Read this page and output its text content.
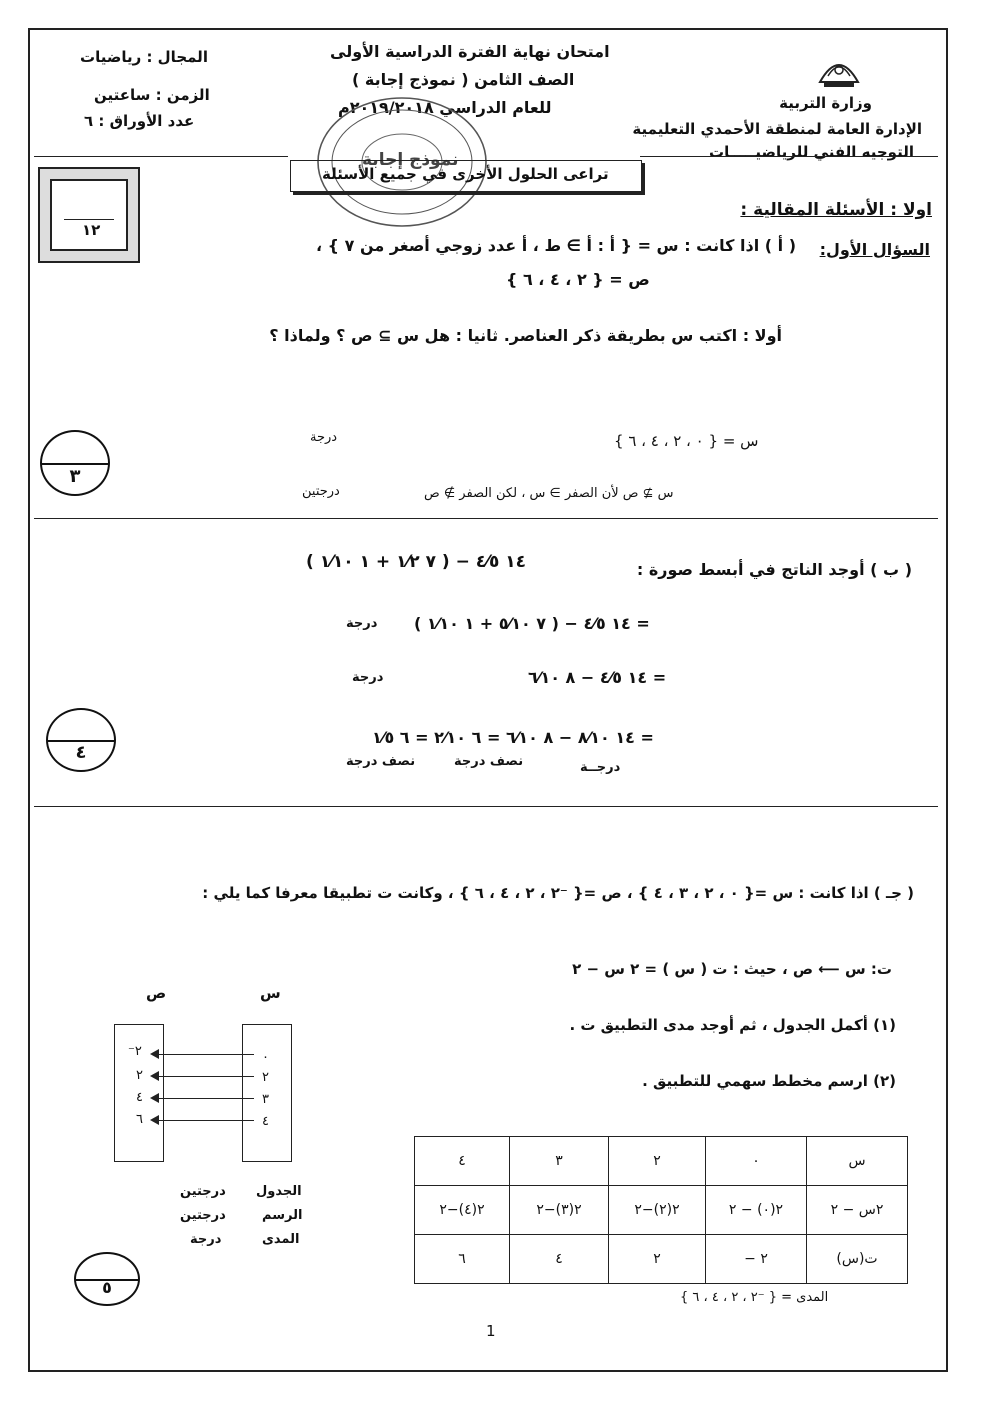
وزارة التربية
الإدارة العامة لمنطقة الأحمدي التعليمية
التوجيه الفني للرياضيـــــات
امتحان نهاية الفترة الدراسية الأولى
الصف الثامن ( نموذج إجابة )
للعام الدراسي ٢٠١٩/٢٠١٨م
نموذج إجابة
المجال : رياضيات
الزمن : ساعتين
عدد الأوراق : ٦
تراعى الحلول الأخرى في جميع الأسئلة
١٢
اولا : الأسئلة المقالية :
السؤال الأول:
( أ ) اذا كانت : س = { أ : أ ∋ ط ، أ عدد زوجي أصغر من ٧ } ،
ص = { ٢ ، ٤ ، ٦ }
أولا : اكتب س بطريقة ذكر العناصر. ثانيا : هل س ⊇ ص ؟ ولماذا ؟
س = { ٠ ، ٢ ، ٤ ، ٦ }
درجة
س ⊉ ص لأن الصفر ∋ س ، لكن الصفر ∌ ص
درجتين
٣
( ب ) أوجد الناتج في أبسط صورة :
١٤ ٤⁄٥ − ( ٧ ١⁄٢ + ١ ١⁄١٠ )
= ١٤ ٤⁄٥ − ( ٧ ٥⁄١٠ + ١ ١⁄١٠ )
درجة
= ١٤ ٤⁄٥ − ٨ ٦⁄١٠
درجة
= ١٤ ٨⁄١٠ − ٨ ٦⁄١٠ = ٦ ٢⁄١٠ = ٦ ١⁄٥
درجــة
نصف درجة
نصف درجة
٤
( جـ ) اذا كانت : س ={ ٠ ، ٢ ، ٣ ، ٤ } ، ص ={ ⁻٢ ، ٢ ، ٤ ، ٦ } ، وكانت ت تطبيقا معرفا كما يلي :
ت: س ⟵ ص ، حيث : ت ( س ) = ٢ س − ٢
(١) أكمل الجدول ، ثم أوجد مدى التطبيق ت .
(٢) ارسم مخطط سهمي للتطبيق .
ص	س
⁻٢
٢
٤
٦
٠
٢
٣
٤
الجدول
درجتين
الرسم
درجتين
المدى
درجة
٥
س	٠	٢	٣	٤
٢س − ٢	٢(٠) − ٢	٢(٢)−٢	٢(٣)−٢	٢(٤)−٢
ت(س)	٢ −	٢	٤	٦
المدى = { ⁻٢ ، ٢ ، ٤ ، ٦ }
1
